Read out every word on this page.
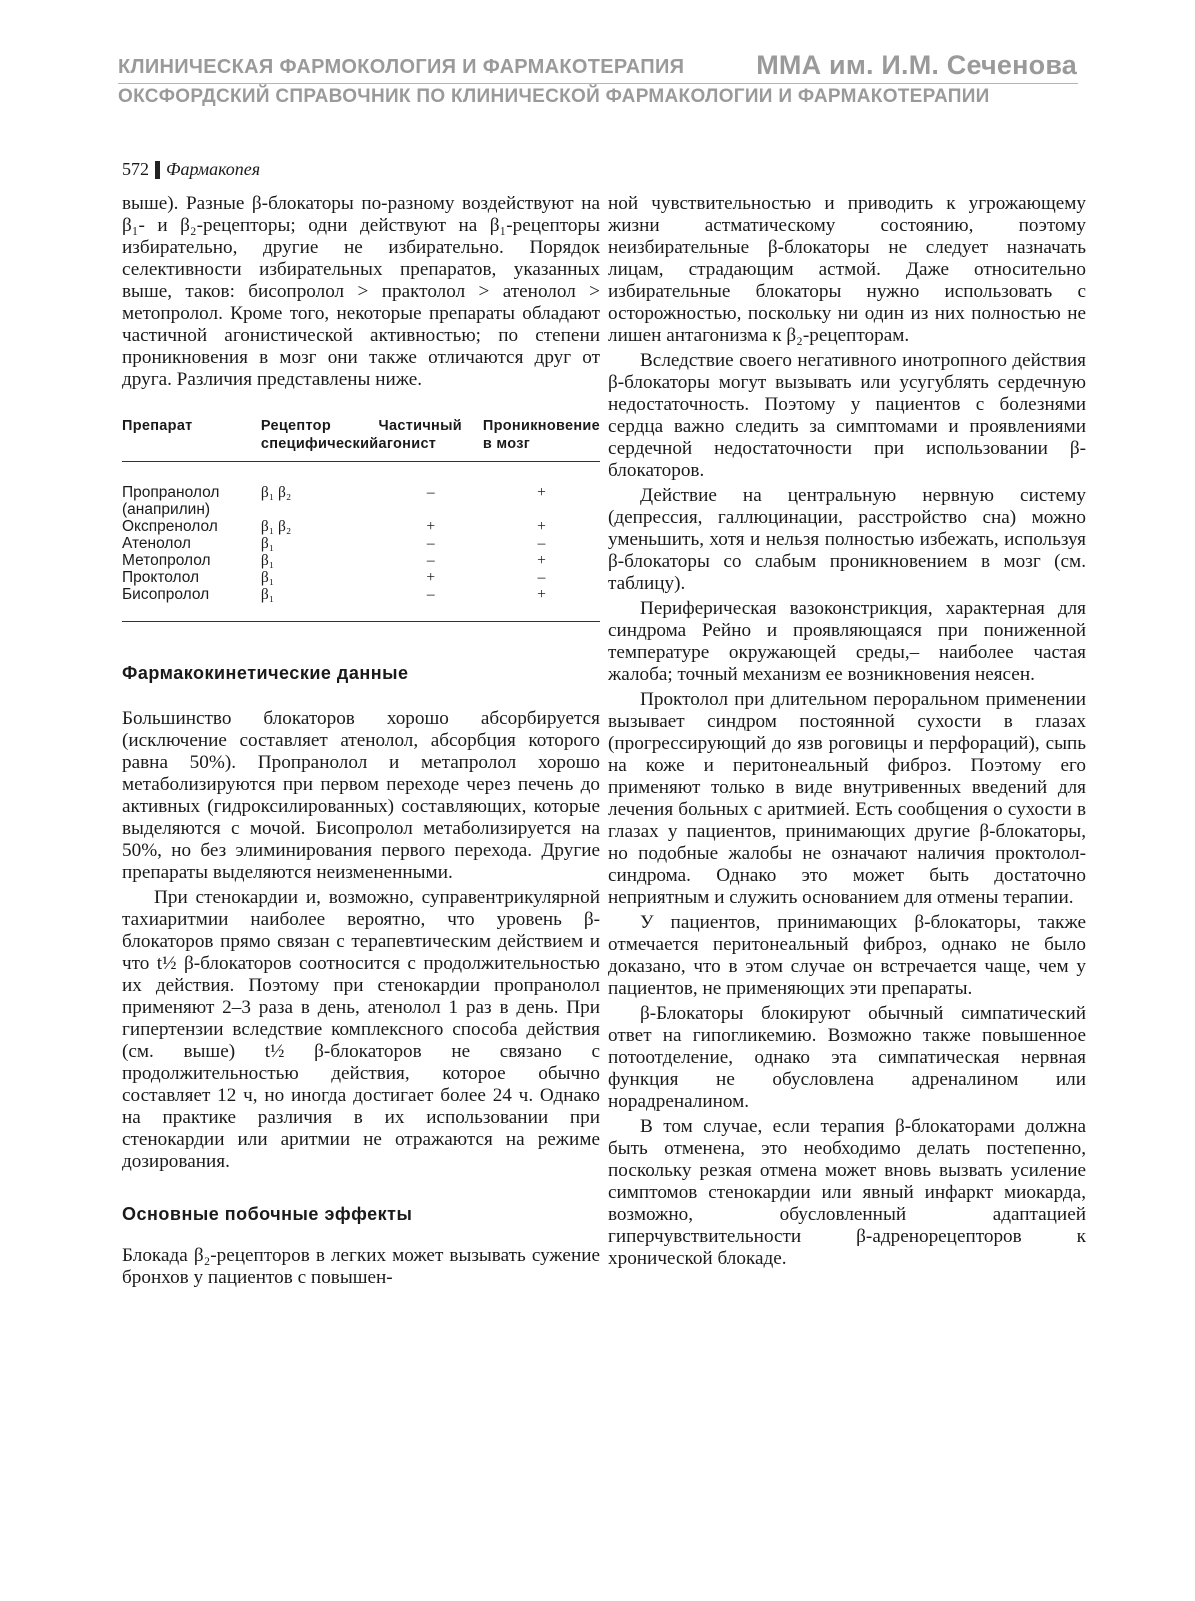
КЛИНИЧЕСКАЯ ФАРМОКОЛОГИЯ И ФАРМАКОТЕРАПИЯ	ММА им. И.М. Сеченова
ОКСФОРДСКИЙ СПРАВОЧНИК ПО КЛИНИЧЕСКОЙ ФАРМАКОЛОГИИ И ФАРМАКОТЕРАПИИ
572 Фармакопея

выше). Разные β-блокаторы по-разному воздействуют на β₁- и β₂-рецепторы; одни действуют на β₁-рецепторы избирательно, другие не избирательно. Порядок селективности избирательных препаратов, указанных выше, таков: бисопролол > практолол > атенолол > метопролол. Кроме того, некоторые препараты обладают частичной агонистической активностью; по степени проникновения в мозг они также отличаются друг от друга. Различия представлены ниже.

Препарат	Рецептор специфический	Частичный агонист	Проникновение в мозг
Пропранолол (анаприлин)	β₁ β₂	–	+
Окспренолол	β₁ β₂	+	+
Атенолол	β₁	–	–
Метопролол	β₁	–	+
Проктолол	β₁	+	–
Бисопролол	β₁	–	+
Фармакокинетические данные

Большинство блокаторов хорошо абсорбируется (исключение составляет атенолол, абсорбция которого равна 50%). Пропранолол и метапролол хорошо метаболизируются при первом переходе через печень до активных (гидроксилированных) составляющих, которые выделяются с мочой. Бисопролол метаболизируется на 50%, но без элиминирования первого перехода. Другие препараты выделяются неизмененными.

При стенокардии и, возможно, суправентрикулярной тахиаритмии наиболее вероятно, что уровень β-блокаторов прямо связан с терапевтическим действием и что t½ β-блокаторов соотносится с продолжительностью их действия. Поэтому при стенокардии пропранолол применяют 2–3 раза в день, атенолол 1 раз в день. При гипертензии вследствие комплексного способа действия (см. выше) t½ β-блокаторов не связано с продолжительностью действия, которое обычно составляет 12 ч, но иногда достигает более 24 ч. Однако на практике различия в их использовании при стенокардии или аритмии не отражаются на режиме дозирования.

Основные побочные эффекты

Блокада β₂-рецепторов в легких может вызывать сужение бронхов у пациентов с повышен-

ной чувствительностью и приводить к угрожающему жизни астматическому состоянию, поэтому неизбирательные β-блокаторы не следует назначать лицам, страдающим астмой. Даже относительно избирательные блокаторы нужно использовать с осторожностью, поскольку ни один из них полностью не лишен антагонизма к β₂-рецепторам.

Вследствие своего негативного инотропного действия β-блокаторы могут вызывать или усугублять сердечную недостаточность. Поэтому у пациентов с болезнями сердца важно следить за симптомами и проявлениями сердечной недостаточности при использовании β-блокаторов.

Действие на центральную нервную систему (депрессия, галлюцинации, расстройство сна) можно уменьшить, хотя и нельзя полностью избежать, используя β-блокаторы со слабым проникновением в мозг (см. таблицу).

Периферическая вазоконстрикция, характерная для синдрома Рейно и проявляющаяся при пониженной температуре окружающей среды,– наиболее частая жалоба; точный механизм ее возникновения неясен.

Проктолол при длительном пероральном применении вызывает синдром постоянной сухости в глазах (прогрессирующий до язв роговицы и перфораций), сыпь на коже и перитонеальный фиброз. Поэтому его применяют только в виде внутривенных введений для лечения больных с аритмией. Есть сообщения о сухости в глазах у пациентов, принимающих другие β-блокаторы, но подобные жалобы не означают наличия проктолол-синдрома. Однако это может быть достаточно неприятным и служить основанием для отмены терапии.

У пациентов, принимающих β-блокаторы, также отмечается перитонеальный фиброз, однако не было доказано, что в этом случае он встречается чаще, чем у пациентов, не применяющих эти препараты.

β-Блокаторы блокируют обычный симпатический ответ на гипогликемию. Возможно также повышенное потоотделение, однако эта симпатическая нервная функция не обусловлена адреналином или норадреналином.

В том случае, если терапия β-блокаторами должна быть отменена, это необходимо делать постепенно, поскольку резкая отмена может вновь вызвать усиление симптомов стенокардии или явный инфаркт миокарда, возможно, обусловленный адаптацией гиперчувствительности β-адренорецепторов к хронической блокаде.
